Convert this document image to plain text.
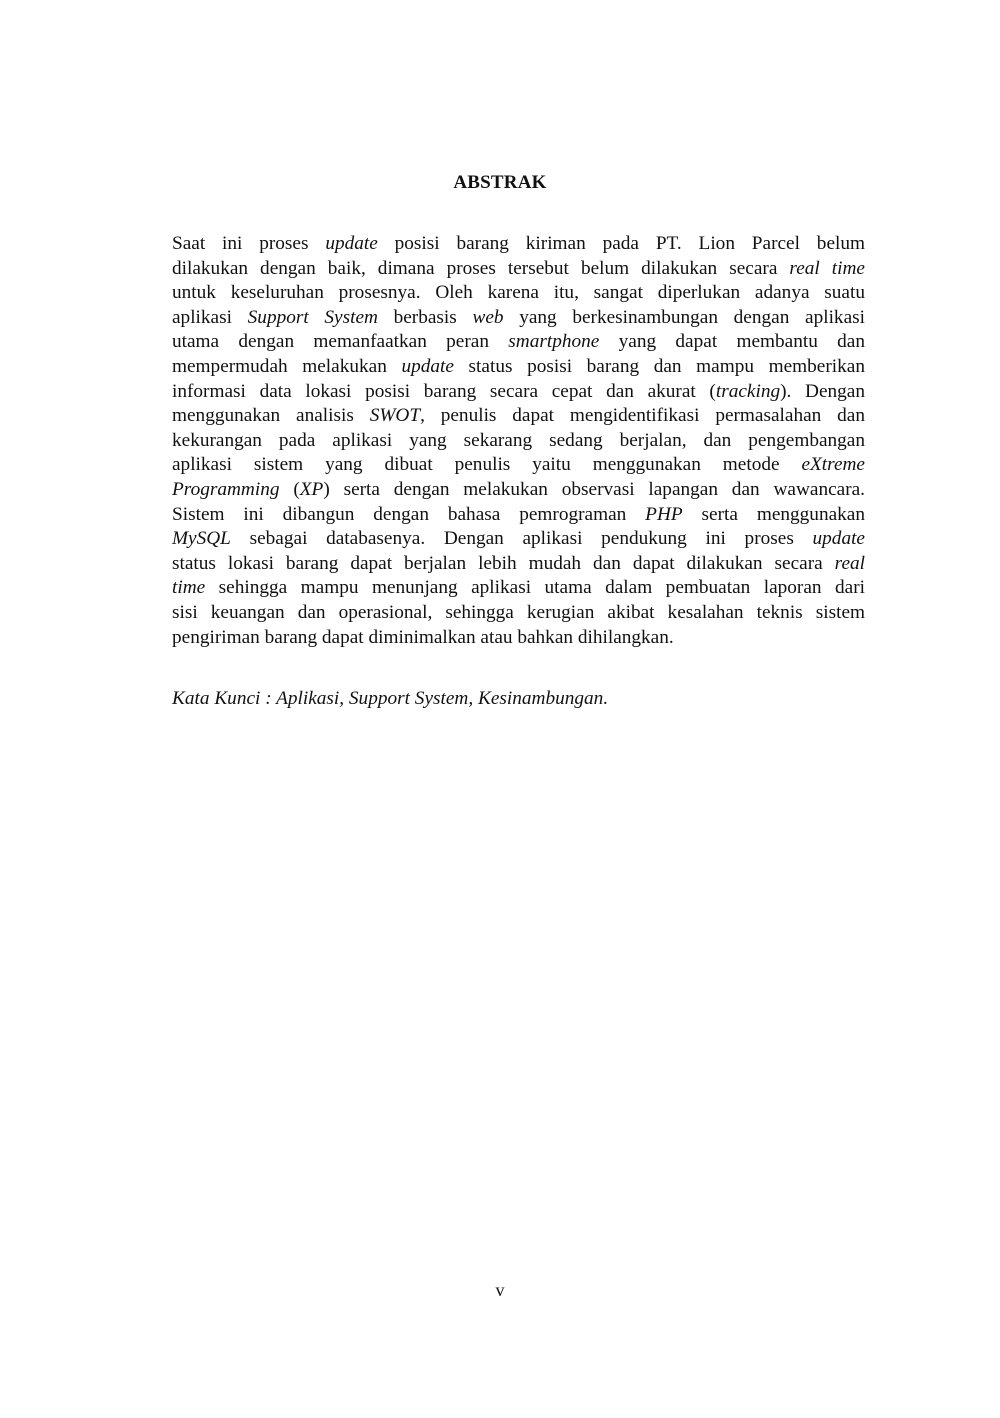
ABSTRAK
Saat ini proses update posisi barang kiriman pada PT. Lion Parcel belum
dilakukan dengan baik, dimana proses tersebut belum dilakukan secara real time
untuk keseluruhan prosesnya. Oleh karena itu, sangat diperlukan adanya suatu
aplikasi Support System berbasis web yang berkesinambungan dengan aplikasi
utama dengan memanfaatkan peran smartphone yang dapat membantu dan
mempermudah melakukan update status posisi barang dan mampu memberikan
informasi data lokasi posisi barang secara cepat dan akurat (tracking). Dengan
menggunakan analisis SWOT, penulis dapat mengidentifikasi permasalahan dan
kekurangan pada aplikasi yang sekarang sedang berjalan, dan pengembangan
aplikasi sistem yang dibuat penulis yaitu menggunakan metode eXtreme
Programming (XP) serta dengan melakukan observasi lapangan dan wawancara.
Sistem ini dibangun dengan bahasa pemrograman PHP serta menggunakan
MySQL sebagai databasenya. Dengan aplikasi pendukung ini proses update
status lokasi barang dapat berjalan lebih mudah dan dapat dilakukan secara real
time sehingga mampu menunjang aplikasi utama dalam pembuatan laporan dari
sisi keuangan dan operasional, sehingga kerugian akibat kesalahan teknis sistem
pengiriman barang dapat diminimalkan atau bahkan dihilangkan.
Kata Kunci : Aplikasi, Support System, Kesinambungan.
v
